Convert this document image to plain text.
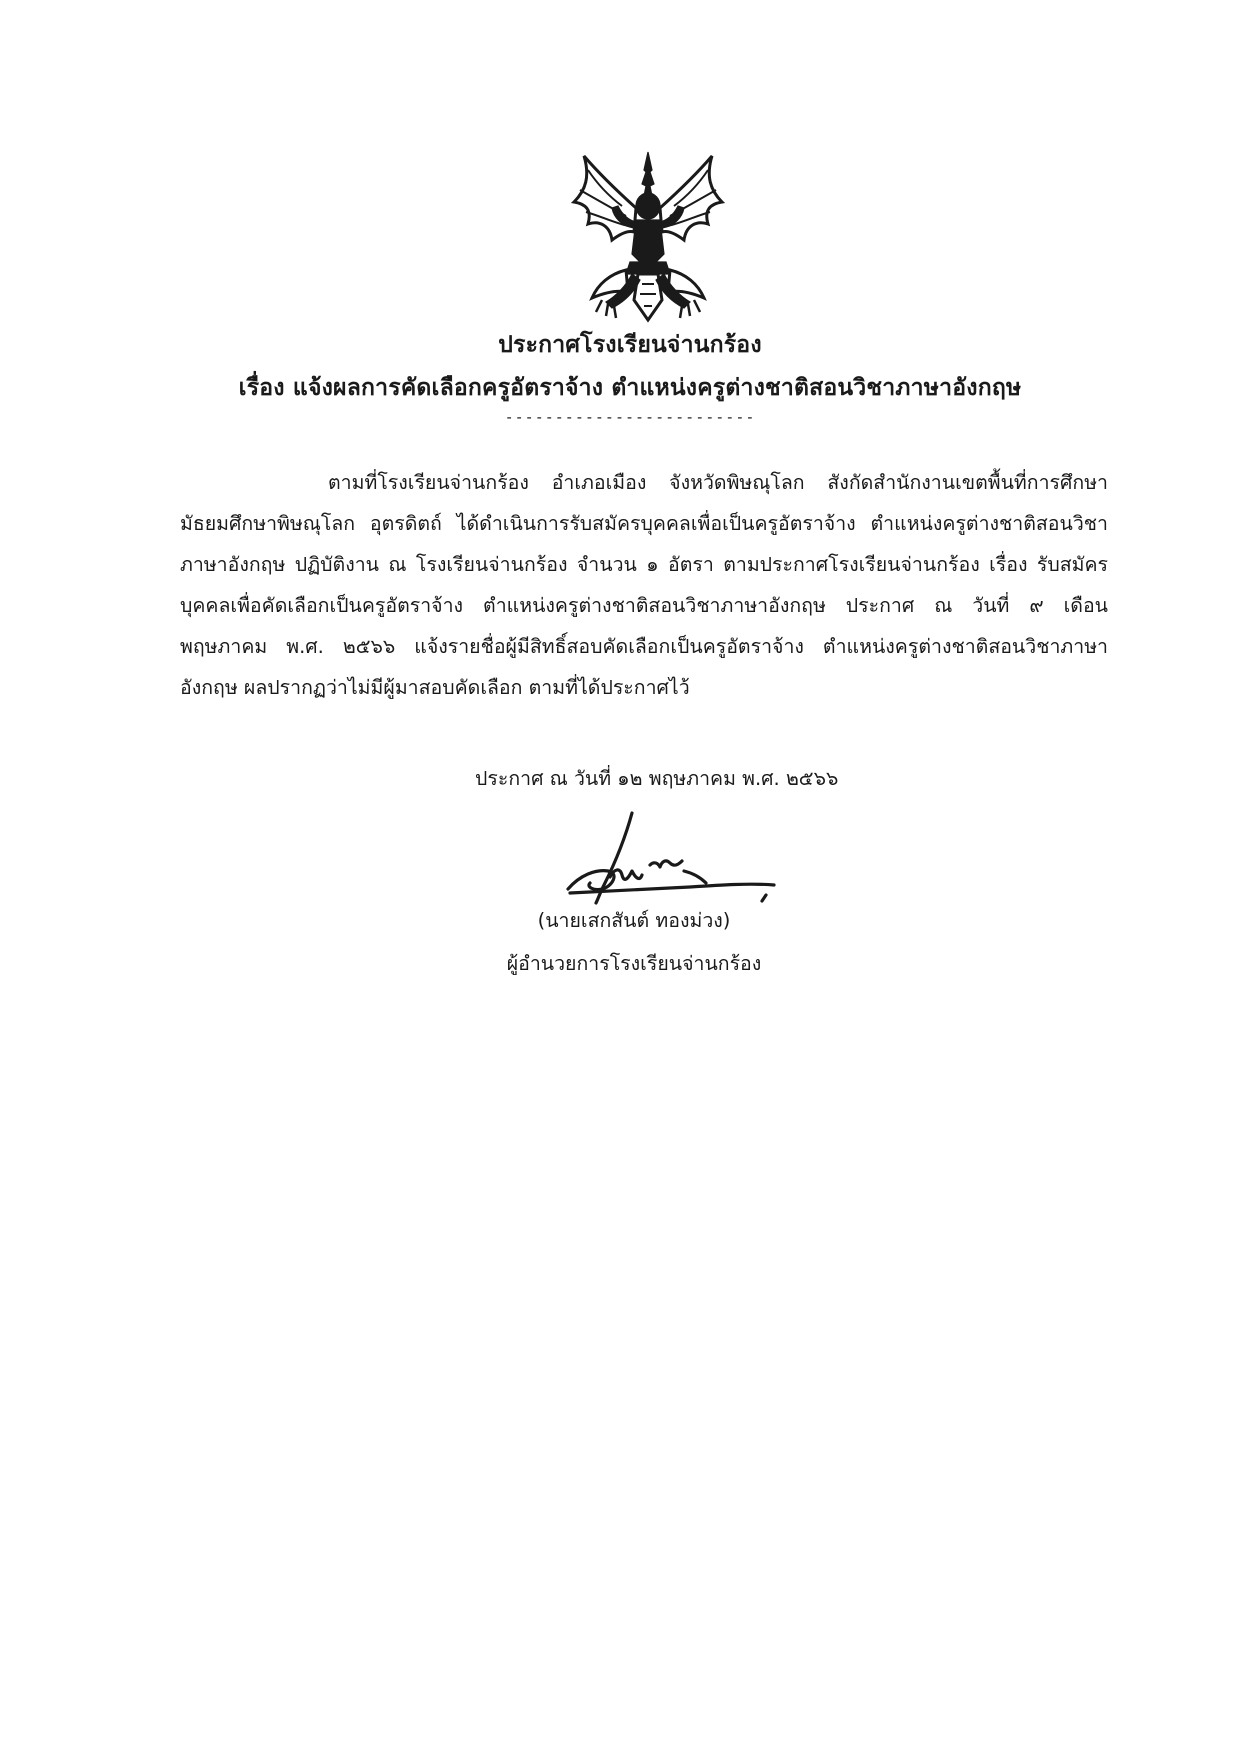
ประกาศโรงเรียนจ่านกร้อง
เรื่อง แจ้งผลการคัดเลือกครูอัตราจ้าง ตำแหน่งครูต่างชาติสอนวิชาภาษาอังกฤษ
-------------------------

ตามที่โรงเรียนจ่านกร้อง อำเภอเมือง จังหวัดพิษณุโลก สังกัดสำนักงานเขตพื้นที่การศึกษามัธยมศึกษาพิษณุโลก อุตรดิตถ์ ได้ดำเนินการรับสมัครบุคคลเพื่อเป็นครูอัตราจ้าง ตำแหน่งครูต่างชาติสอนวิชาภาษาอังกฤษ ปฏิบัติงาน ณ โรงเรียนจ่านกร้อง จำนวน ๑ อัตรา ตามประกาศโรงเรียนจ่านกร้อง เรื่อง รับสมัครบุคคลเพื่อคัดเลือกเป็นครูอัตราจ้าง ตำแหน่งครูต่างชาติสอนวิชาภาษาอังกฤษ ประกาศ ณ วันที่ ๙ เดือนพฤษภาคม พ.ศ. ๒๕๖๖ แจ้งรายชื่อผู้มีสิทธิ์สอบคัดเลือกเป็นครูอัตราจ้าง ตำแหน่งครูต่างชาติสอนวิชาภาษาอังกฤษ ผลปรากฏว่าไม่มีผู้มาสอบคัดเลือก ตามที่ได้ประกาศไว้

ประกาศ ณ วันที่ ๑๒ พฤษภาคม พ.ศ. ๒๕๖๖
(นายเสกสันต์ ทองม่วง)
ผู้อำนวยการโรงเรียนจ่านกร้อง
